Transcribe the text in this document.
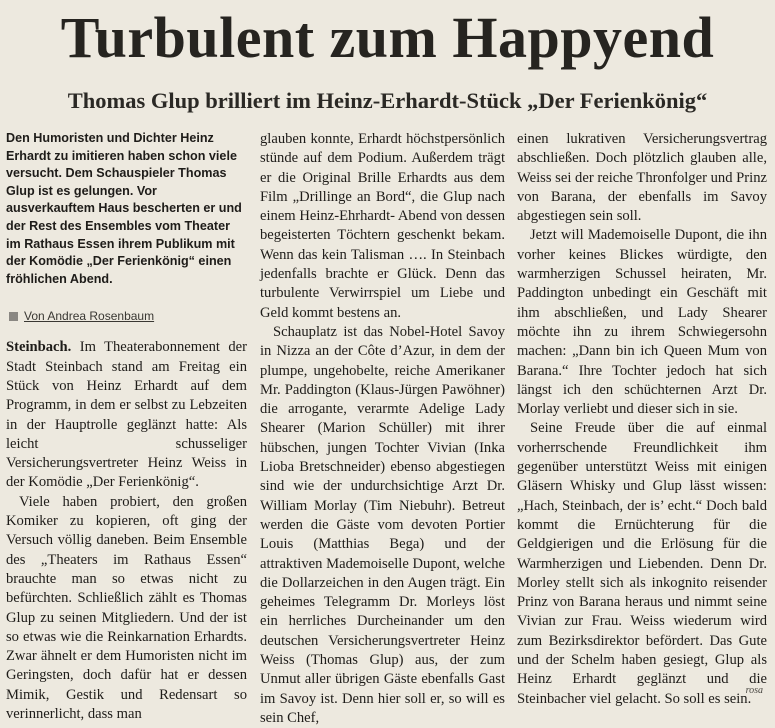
Turbulent zum Happyend
Thomas Glup brilliert im Heinz-Erhardt-Stück „Der Ferienkönig“

Den Humoristen und Dichter Heinz Erhardt zu imitieren haben schon viele versucht. Dem Schauspieler Thomas Glup ist es gelungen. Vor ausverkauftem Haus bescherten er und der Rest des Ensembles vom Theater im Rathaus Essen ihrem Publikum mit der Komödie „Der Ferienkönig“ einen fröhlichen Abend.

Von Andrea Rosenbaum

Steinbach. Im Theaterabonnement der Stadt Steinbach stand am Freitag ein Stück von Heinz Erhardt auf dem Programm, in dem er selbst zu Lebzeiten in der Hauptrolle geglänzt hatte: Als leicht schusseliger Versicherungsvertreter Heinz Weiss in der Komödie „Der Ferienkönig“.

Viele haben probiert, den großen Komiker zu kopieren, oft ging der Versuch völlig daneben. Beim Ensemble des „Theaters im Rathaus Essen“ brauchte man so etwas nicht zu befürchten. Schließlich zählt es Thomas Glup zu seinen Mitgliedern. Und der ist so etwas wie die Reinkarnation Erhardts. Zwar ähnelt er dem Humoristen nicht im Geringsten, doch dafür hat er dessen Mimik, Gestik und Redensart so verinnerlicht, dass man

glauben konnte, Erhardt höchstpersönlich stünde auf dem Podium. Außerdem trägt er die Original Brille Erhardts aus dem Film „Drillinge an Bord“, die Glup nach einem Heinz-Ehrhardt- Abend von dessen begeisterten Töchtern geschenkt bekam. Wenn das kein Talisman …. In Steinbach jedenfalls brachte er Glück. Denn das turbulente Verwirrspiel um Liebe und Geld kommt bestens an.

Schauplatz ist das Nobel-Hotel Savoy in Nizza an der Côte d’Azur, in dem der plumpe, ungehobelte, reiche Amerikaner Mr. Paddington (Klaus-Jürgen Pawöhner) die arrogante, verarmte Adelige Lady Shearer (Marion Schüller) mit ihrer hübschen, jungen Tochter Vivian (Inka Lioba Bretschneider) ebenso abgestiegen sind wie der undurchsichtige Arzt Dr. William Morlay (Tim Niebuhr). Betreut werden die Gäste vom devoten Portier Louis (Matthias Bega) und der attraktiven Mademoiselle Dupont, welche die Dollarzeichen in den Augen trägt. Ein geheimes Telegramm Dr. Morleys löst ein herrliches Durcheinander um den deutschen Versicherungsvertreter Heinz Weiss (Thomas Glup) aus, der zum Unmut aller übrigen Gäste ebenfalls Gast im Savoy ist. Denn hier soll er, so will es sein Chef,

einen lukrativen Versicherungsvertrag abschließen. Doch plötzlich glauben alle, Weiss sei der reiche Thronfolger und Prinz von Barana, der ebenfalls im Savoy abgestiegen sein soll.

Jetzt will Mademoiselle Dupont, die ihn vorher keines Blickes würdigte, den warmherzigen Schussel heiraten, Mr. Paddington unbedingt ein Geschäft mit ihm abschließen, und Lady Shearer möchte ihn zu ihrem Schwiegersohn machen: „Dann bin ich Queen Mum von Barana.“ Ihre Tochter jedoch hat sich längst ich den schüchternen Arzt Dr. Morlay verliebt und dieser sich in sie.

Seine Freude über die auf einmal vorherrschende Freundlichkeit ihm gegenüber unterstützt Weiss mit einigen Gläsern Whisky und Glup lässt wissen: „Hach, Steinbach, der is’ echt.“ Doch bald kommt die Ernüchterung für die Geldgierigen und die Erlösung für die Warmherzigen und Liebenden. Denn Dr. Morley stellt sich als inkognito reisender Prinz von Barana heraus und nimmt seine Vivian zur Frau. Weiss wiederum wird zum Bezirksdirektor befördert. Das Gute und der Schelm haben gesiegt, Glup als Heinz Erhardt geglänzt und die Steinbacher viel gelacht. So soll es sein.

rosa
